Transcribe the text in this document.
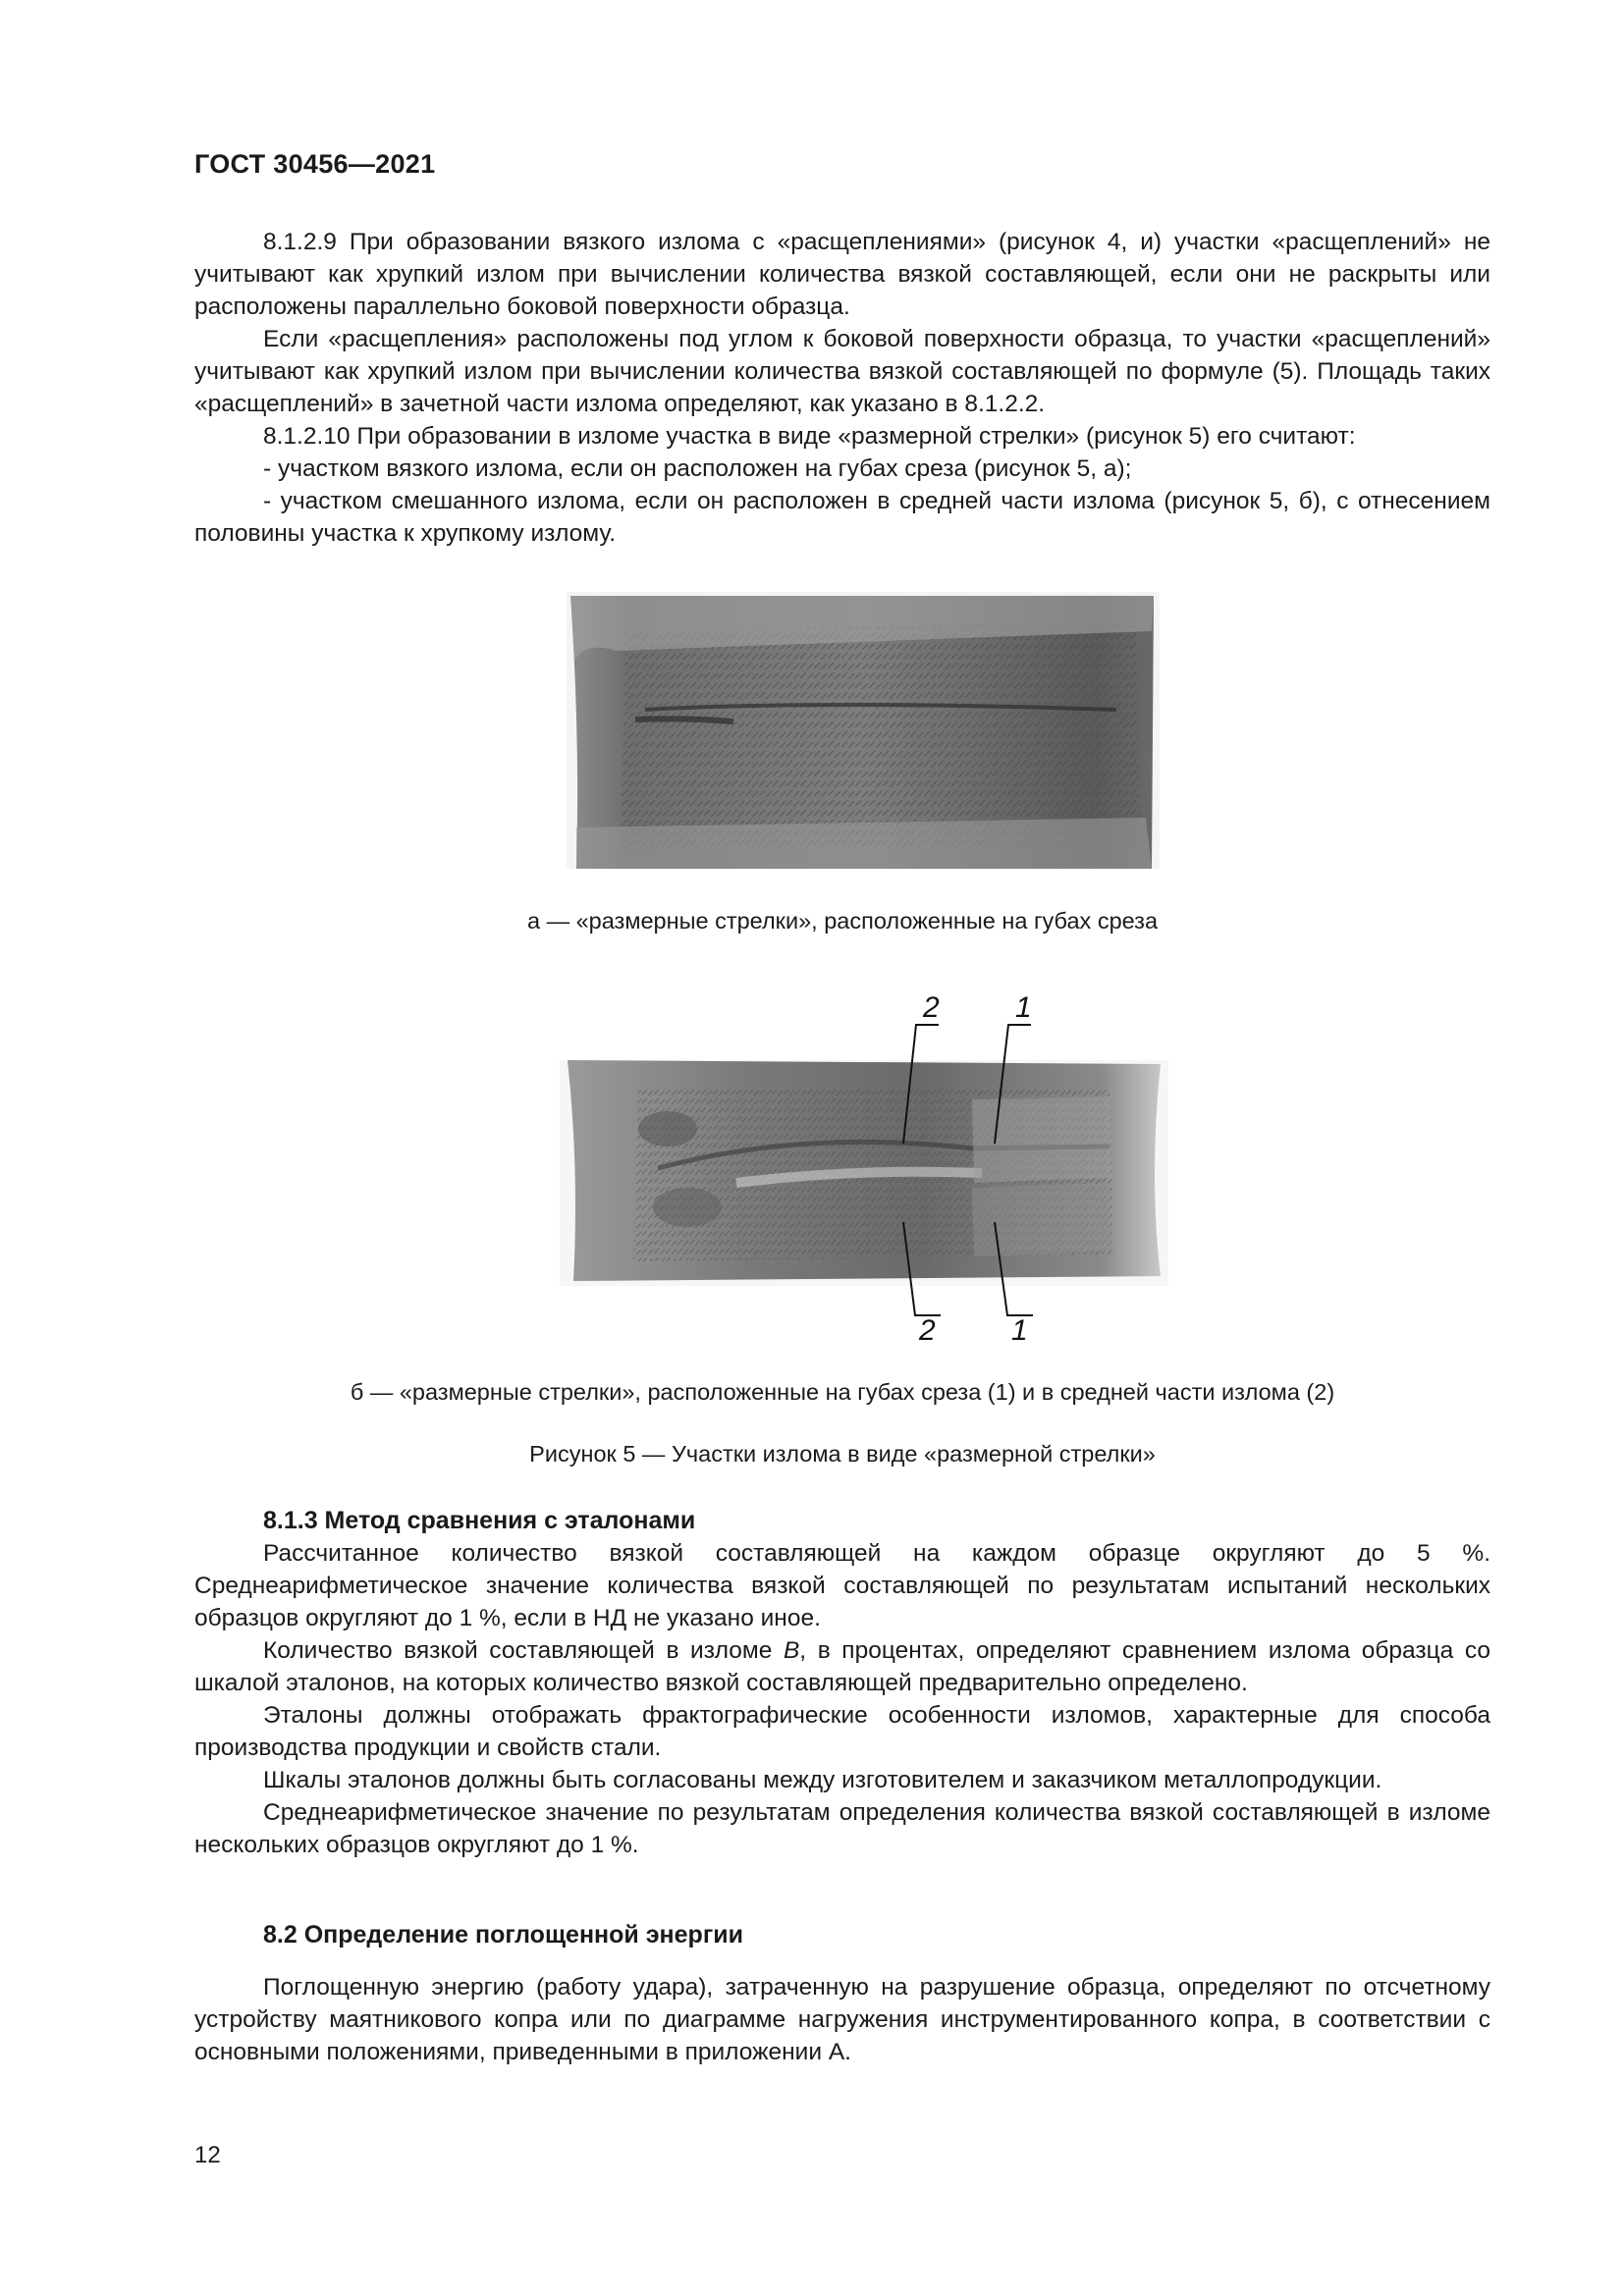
ГОСТ 30456—2021

8.1.2.9 При образовании вязкого излома с «расщеплениями» (рисунок 4, и) участки «расщеплений» не учитывают как хрупкий излом при вычислении количества вязкой составляющей, если они не раскрыты или расположены параллельно боковой поверхности образца.

Если «расщепления» расположены под углом к боковой поверхности образца, то участки «расщеплений» учитывают как хрупкий излом при вычислении количества вязкой составляющей по формуле (5). Площадь таких «расщеплений» в зачетной части излома определяют, как указано в 8.1.2.2.

8.1.2.10 При образовании в изломе участка в виде «размерной стрелки» (рисунок 5) его считают:

- участком вязкого излома, если он расположен на губах среза (рисунок 5, а);

- участком смешанного излома, если он расположен в средней части излома (рисунок 5, б), с отнесением половины участка к хрупкому излому.

а — «размерные стрелки», расположенные на губах среза
2	1
2	1
б — «размерные стрелки», расположенные на губах среза (1) и в средней части излома (2)
Рисунок 5 — Участки излома в виде «размерной стрелки»

8.1.3 Метод сравнения с эталонами

Рассчитанное количество вязкой составляющей на каждом образце округляют до 5 %. Среднеарифметическое значение количества вязкой составляющей по результатам испытаний нескольких образцов округляют до 1 %, если в НД не указано иное.

Количество вязкой составляющей в изломе B, в процентах, определяют сравнением излома образца со шкалой эталонов, на которых количество вязкой составляющей предварительно определено.

Эталоны должны отображать фрактографические особенности изломов, характерные для способа производства продукции и свойств стали.

Шкалы эталонов должны быть согласованы между изготовителем и заказчиком металлопродукции.

Среднеарифметическое значение по результатам определения количества вязкой составляющей в изломе нескольких образцов округляют до 1 %.

8.2 Определение поглощенной энергии

Поглощенную энергию (работу удара), затраченную на разрушение образца, определяют по отсчетному устройству маятникового копра или по диаграмме нагружения инструментированного копра, в соответствии с основными положениями, приведенными в приложении А.

12
